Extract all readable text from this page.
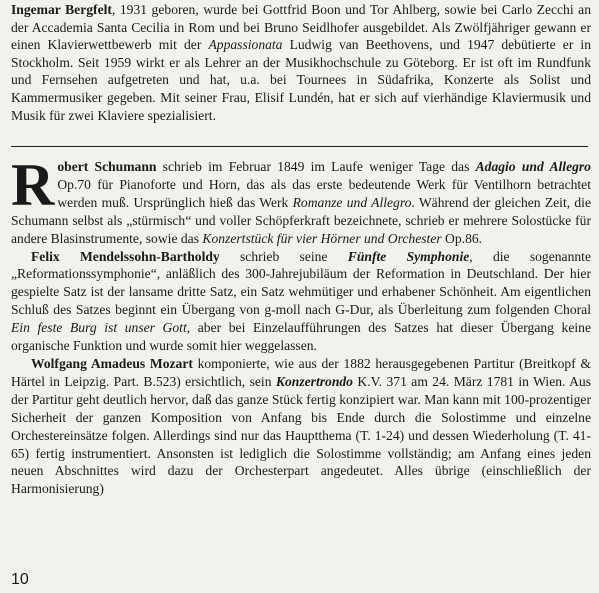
Ingemar Bergfelt, 1931 geboren, wurde bei Gottfrid Boon und Tor Ahlberg, sowie bei Carlo Zecchi an der Accademia Santa Cecilia in Rom und bei Bruno Seidlhofer ausgebildet. Als Zwölfjähriger gewann er einen Klavierwettbewerb mit der Appassionata Ludwig van Beethovens, und 1947 debütierte er in Stockholm. Seit 1959 wirkt er als Lehrer an der Musikhochschule zu Göteborg. Er ist oft im Rundfunk und Fernsehen aufgetreten und hat, u.a. bei Tournees in Südafrika, Konzerte als Solist und Kammermusiker gegeben. Mit seiner Frau, Elisif Lundén, hat er sich auf vierhändige Klaviermusik und Musik für zwei Klaviere spezialisiert.

Robert Schumann schrieb im Februar 1849 im Laufe weniger Tage das Adagio und Allegro Op.70 für Pianoforte und Horn, das als das erste bedeutende Werk für Ventilhorn betrachtet werden muß. Ursprünglich hieß das Werk Romanze und Allegro. Während der gleichen Zeit, die Schumann selbst als „stürmisch“ und voller Schöpferkraft bezeichnete, schrieb er mehrere Solostücke für andere Blasinstrumente, sowie das Konzertstück für vier Hörner und Orchester Op.86.

Felix Mendelssohn-Bartholdy schrieb seine Fünfte Symphonie, die sogenannte „Reformationssymphonie“, anläßlich des 300-Jahrejubiläum der Reformation in Deutschland. Der hier gespielte Satz ist der lansame dritte Satz, ein Satz wehmütiger und erhabener Schönheit. Am eigentlichen Schluß des Satzes beginnt ein Übergang von g-moll nach G-Dur, als Überleitung zum folgenden Choral Ein feste Burg ist unser Gott, aber bei Einzelaufführungen des Satzes hat dieser Übergang keine organische Funktion und wurde somit hier weggelassen.

Wolfgang Amadeus Mozart komponierte, wie aus der 1882 herausgegebenen Partitur (Breitkopf & Härtel in Leipzig. Part. B.523) ersichtlich, sein Konzertrondo K.V. 371 am 24. März 1781 in Wien. Aus der Partitur geht deutlich hervor, daß das ganze Stück fertig konzipiert war. Man kann mit 100-prozentiger Sicherheit der ganzen Komposition von Anfang bis Ende durch die Solostimme und einzelne Orchestereinsätze folgen. Allerdings sind nur das Hauptthema (T. 1-24) und dessen Wiederholung (T. 41-65) fertig instrumentiert. Ansonsten ist lediglich die Solostimme vollständig; am Anfang eines jeden neuen Abschnittes wird dazu der Orchesterpart angedeutet. Alles übrige (einschließlich der Harmonisierung)

10
